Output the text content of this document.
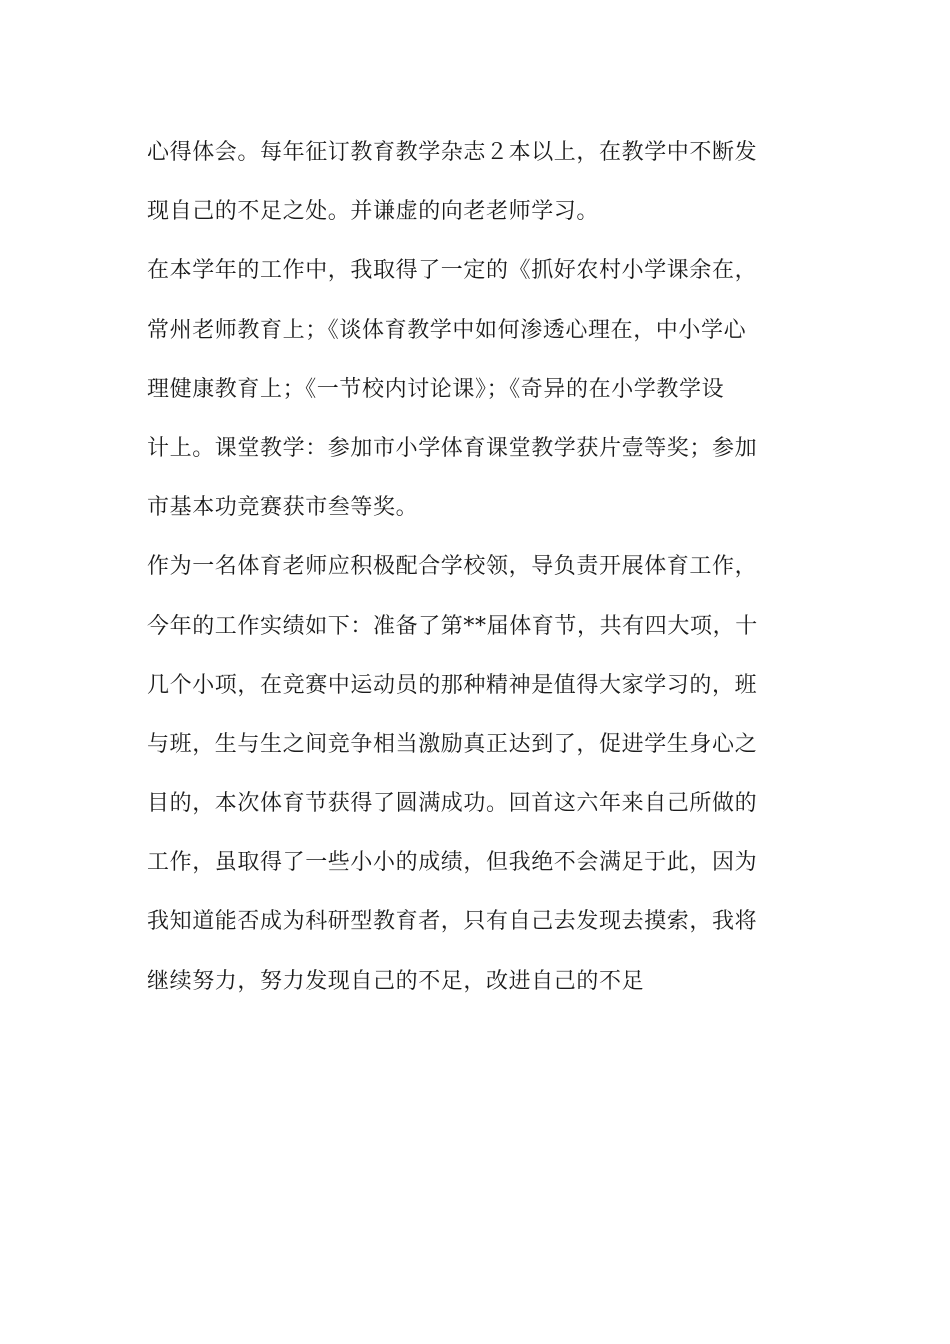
心得体会。每年征订教育教学杂志２本以上，在教学中不断发
现自己的不足之处。并谦虚的向老老师学习。
在本学年的工作中，我取得了一定的《抓好农村小学课余在，
常州老师教育上；《谈体育教学中如何渗透心理在，中小学心
理健康教育上；《一节校内讨论课》；《奇异的在小学教学设
计上。课堂教学：参加市小学体育课堂教学获片壹等奖；参加
市基本功竞赛获市叁等奖。
作为一名体育老师应积极配合学校领，导负责开展体育工作，
今年的工作实绩如下：准备了第**届体育节，共有四大项，十
几个小项，在竞赛中运动员的那种精神是值得大家学习的，班
与班，生与生之间竞争相当激励真正达到了，促进学生身心之
目的，本次体育节获得了圆满成功。回首这六年来自己所做的
工作，虽取得了一些小小的成绩，但我绝不会满足于此，因为
我知道能否成为科研型教育者，只有自己去发现去摸索，我将
继续努力，努力发现自己的不足，改进自己的不足
